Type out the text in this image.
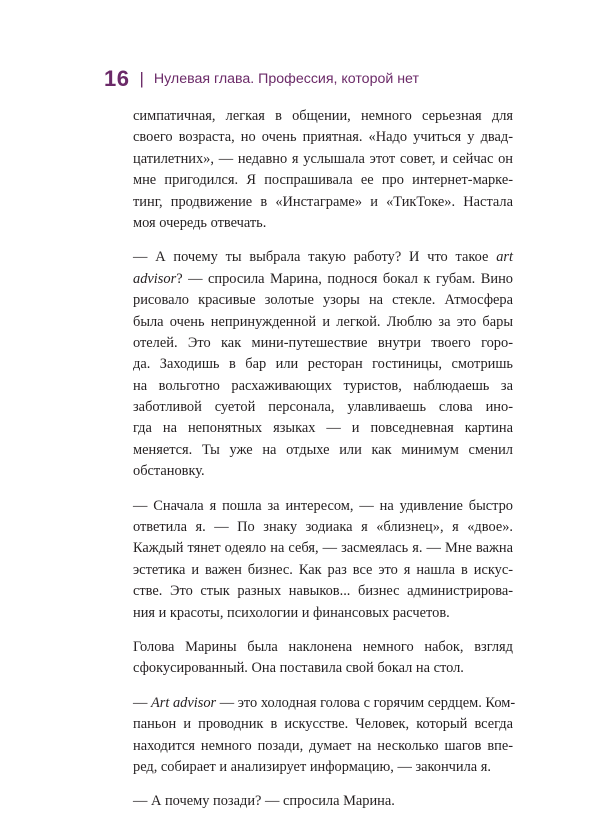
16 | Нулевая глава. Профессия, которой нет
симпатичная, легкая в общении, немного серьезная для
своего возраста, но очень приятная. «Надо учиться у двад-
цатилетних», — недавно я услышала этот совет, и сейчас он
мне пригодился. Я поспрашивала ее про интернет-марке-
тинг, продвижение в «Инстаграме» и «ТикТоке». Настала
моя очередь отвечать.
— А почему ты выбрала такую работу? И что такое art
advisor? — спросила Марина, поднося бокал к губам. Вино
рисовало красивые золотые узоры на стекле. Атмосфера
была очень непринужденной и легкой. Люблю за это бары
отелей. Это как мини-путешествие внутри твоего горо-
да. Заходишь в бар или ресторан гостиницы, смотришь
на вольготно расхаживающих туристов, наблюдаешь за
заботливой суетой персонала, улавливаешь слова ино-
гда на непонятных языках — и повседневная картина
меняется. Ты уже на отдыхе или как минимум сменил
обстановку.
— Сначала я пошла за интересом, — на удивление быстро
ответила я. — По знаку зодиака я «близнец», я «двое».
Каждый тянет одеяло на себя, — засмеялась я. — Мне важна
эстетика и важен бизнес. Как раз все это я нашла в искус-
стве. Это стык разных навыков... бизнес администрирова-
ния и красоты, психологии и финансовых расчетов.
Голова Марины была наклонена немного набок, взгляд
сфокусированный. Она поставила свой бокал на стол.
— Art advisor — это холодная голова с горячим сердцем. Ком-
паньон и проводник в искусстве. Человек, который всегда
находится немного позади, думает на несколько шагов впе-
ред, собирает и анализирует информацию, — закончила я.
— А почему позади? — спросила Марина.
